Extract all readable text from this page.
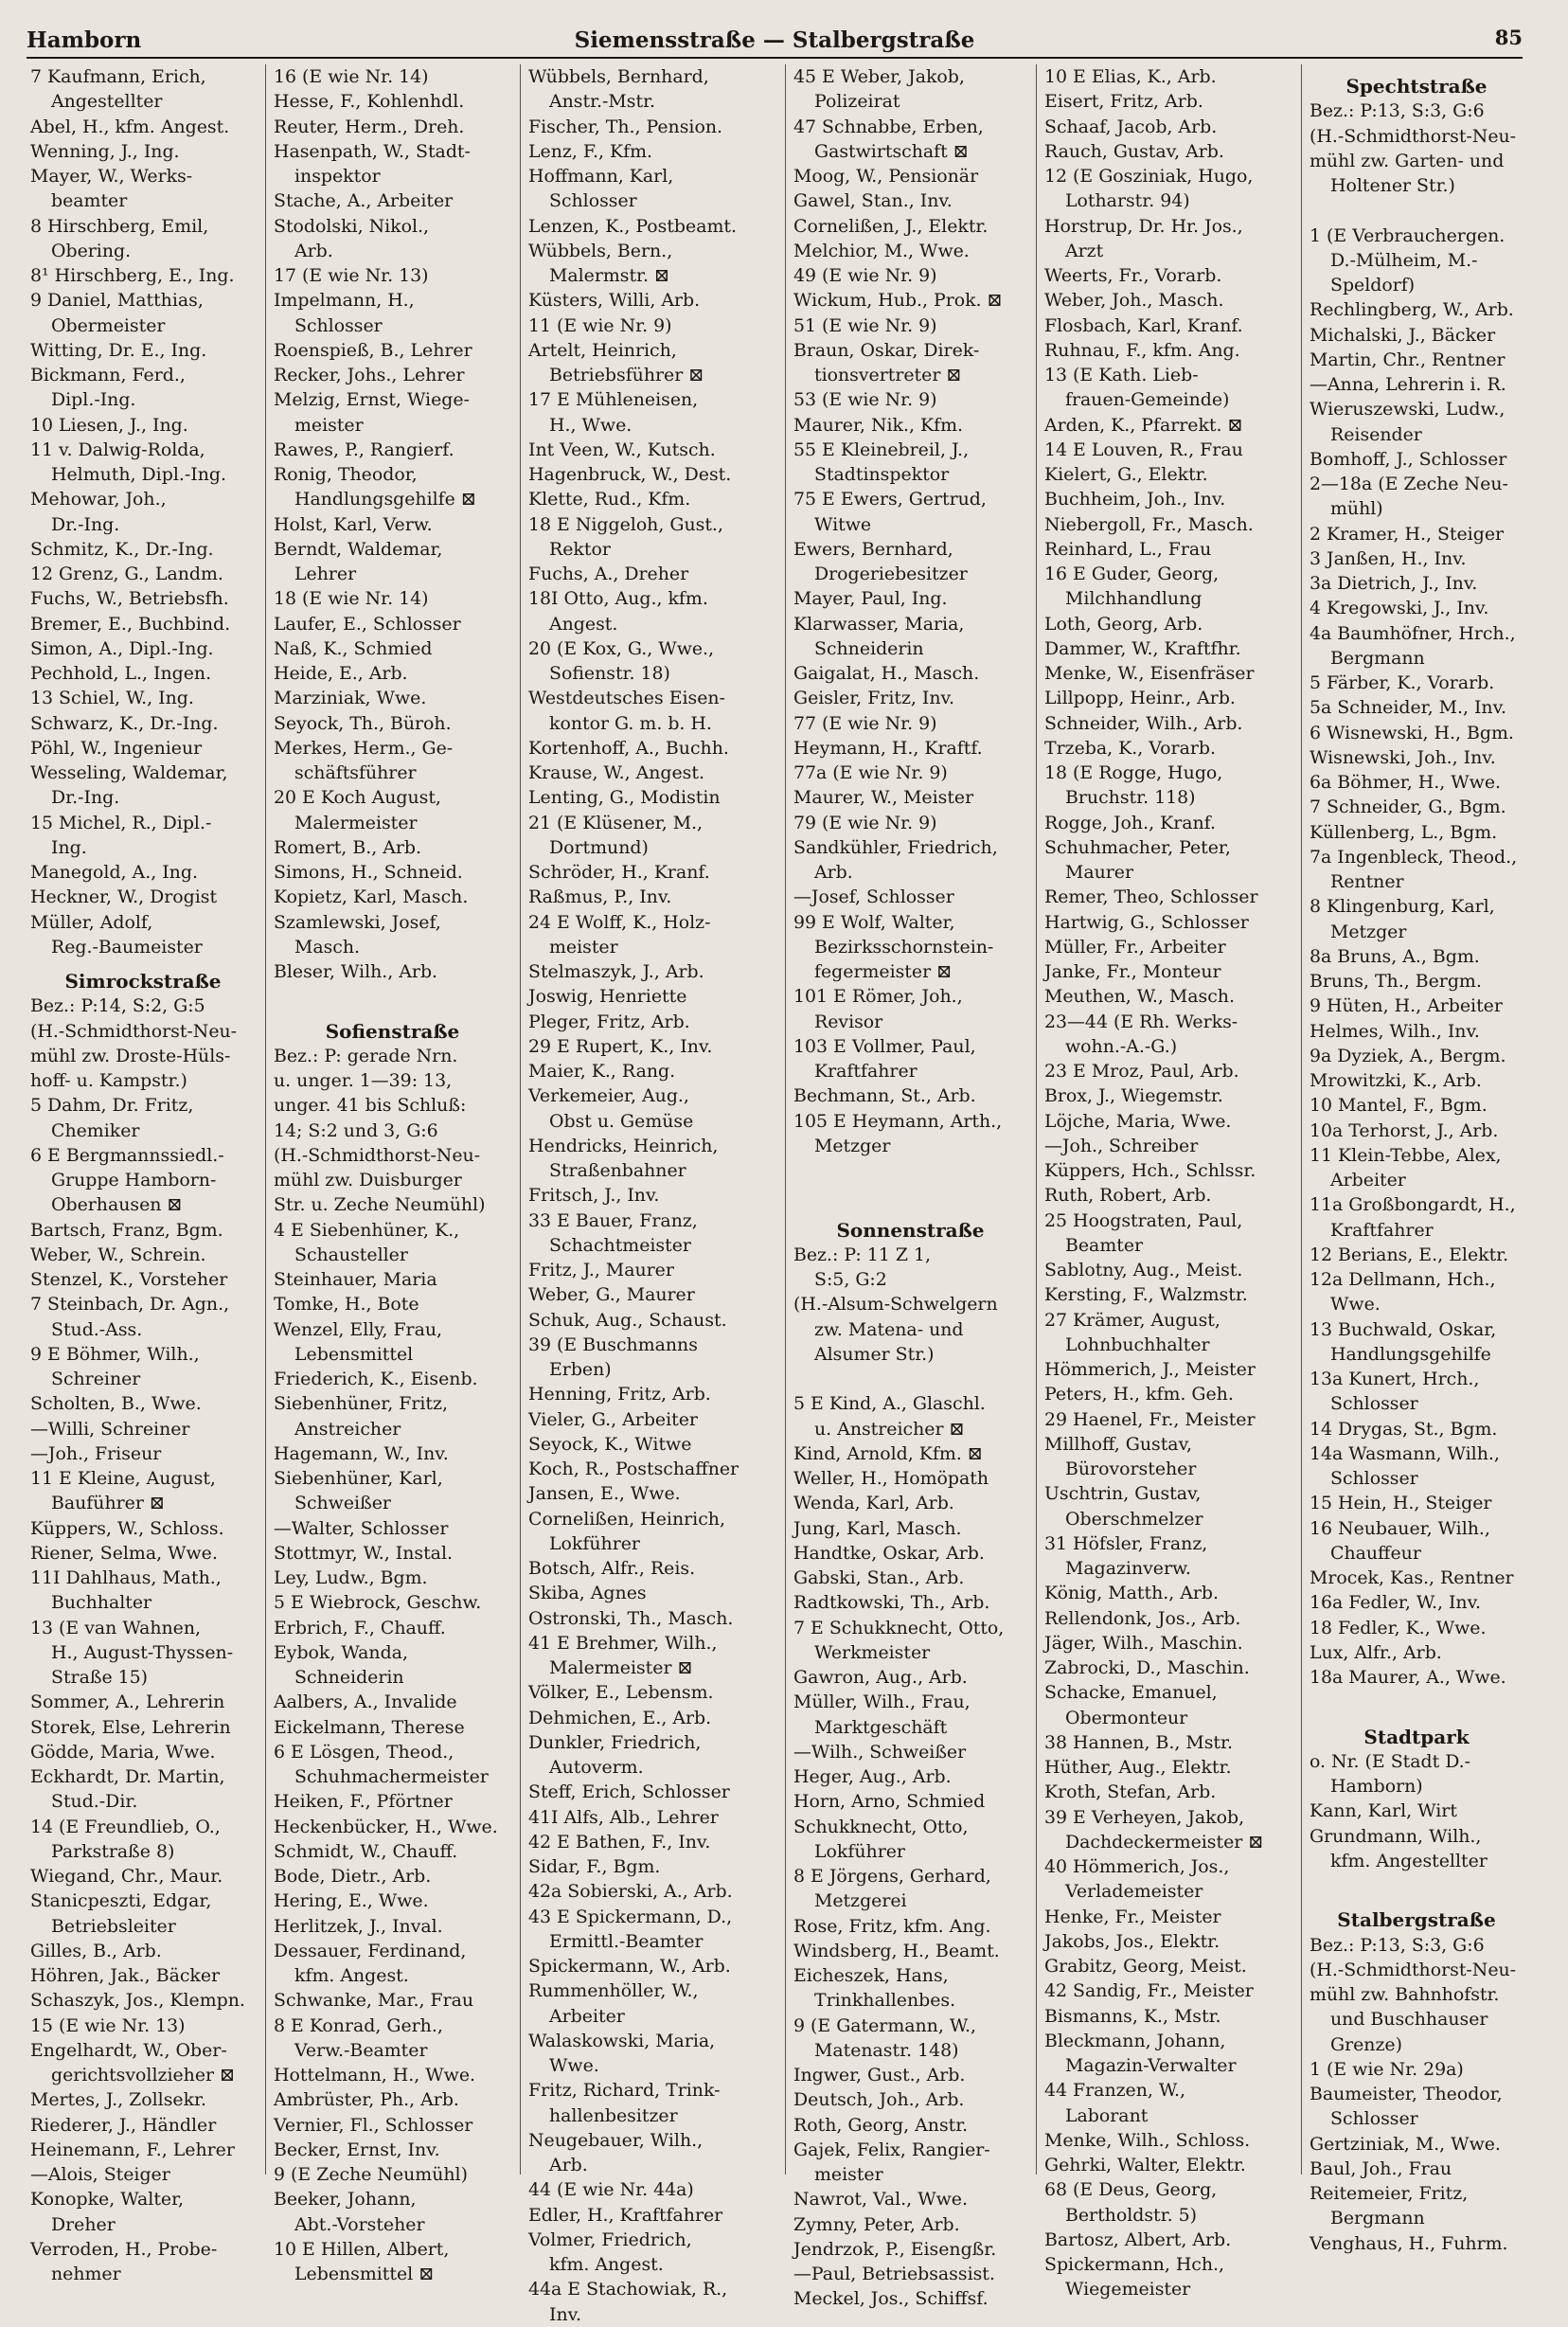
Hamborn	Siemensstraße — Stalbergstraße	85
7 Kaufmann, Erich,
Angestellter
Abel, H., kfm. Angest.
Wenning, J., Ing.
Mayer, W., Werks-
beamter
8 Hirschberg, Emil,
Obering.
8¹ Hirschberg, E., Ing.
9 Daniel, Matthias,
Obermeister
Witting, Dr. E., Ing.
Bickmann, Ferd.,
Dipl.-Ing.
10 Liesen, J., Ing.
11 v. Dalwig-Rolda,
Helmuth, Dipl.-Ing.
Mehowar, Joh.,
Dr.-Ing.
Schmitz, K., Dr.-Ing.
12 Grenz, G., Landm.
Fuchs, W., Betriebsfh.
Bremer, E., Buchbind.
Simon, A., Dipl.-Ing.
Pechhold, L., Ingen.
13 Schiel, W., Ing.
Schwarz, K., Dr.-Ing.
Pöhl, W., Ingenieur
Wesseling, Waldemar,
Dr.-Ing.
15 Michel, R., Dipl.-
Ing.
Manegold, A., Ing.
Heckner, W., Drogist
Müller, Adolf,
Reg.-Baumeister
Simrockstraße
Bez.: P:14, S:2, G:5
(H.-Schmidthorst-Neu-
mühl zw. Droste-Hüls-
hoff- u. Kampstr.)
5 Dahm, Dr. Fritz,
Chemiker
6 E Bergmannssiedl.-
Gruppe Hamborn-
Oberhausen ⊠
Bartsch, Franz, Bgm.
Weber, W., Schrein.
Stenzel, K., Vorsteher
7 Steinbach, Dr. Agn.,
Stud.-Ass.
9 E Böhmer, Wilh.,
Schreiner
Scholten, B., Wwe.
—Willi, Schreiner
—Joh., Friseur
11 E Kleine, August,
Bauführer ⊠
Küppers, W., Schloss.
Riener, Selma, Wwe.
11I Dahlhaus, Math.,
Buchhalter
13 (E van Wahnen,
H., August-Thyssen-
Straße 15)
Sommer, A., Lehrerin
Storek, Else, Lehrerin
Gödde, Maria, Wwe.
Eckhardt, Dr. Martin,
Stud.-Dir.
14 (E Freundlieb, O.,
Parkstraße 8)
Wiegand, Chr., Maur.
Stanicpeszti, Edgar,
Betriebsleiter
Gilles, B., Arb.
Höhren, Jak., Bäcker
Schaszyk, Jos., Klempn.
15 (E wie Nr. 13)
Engelhardt, W., Ober-
gerichtsvollzieher ⊠
Mertes, J., Zollsekr.
Riederer, J., Händler
Heinemann, F., Lehrer
—Alois, Steiger
Konopke, Walter,
Dreher
Verroden, H., Probe-
nehmer
16 (E wie Nr. 14)
Hesse, F., Kohlenhdl.
Reuter, Herm., Dreh.
Hasenpath, W., Stadt-
inspektor
Stache, A., Arbeiter
Stodolski, Nikol.,
Arb.
17 (E wie Nr. 13)
Impelmann, H.,
Schlosser
Roenspieß, B., Lehrer
Recker, Johs., Lehrer
Melzig, Ernst, Wiege-
meister
Rawes, P., Rangierf.
Ronig, Theodor,
Handlungsgehilfe ⊠
Holst, Karl, Verw.
Berndt, Waldemar,
Lehrer
18 (E wie Nr. 14)
Laufer, E., Schlosser
Naß, K., Schmied
Heide, E., Arb.
Marziniak, Wwe.
Seyock, Th., Büroh.
Merkes, Herm., Ge-
schäftsführer
20 E Koch August,
Malermeister
Romert, B., Arb.
Simons, H., Schneid.
Kopietz, Karl, Masch.
Szamlewski, Josef,
Masch.
Bleser, Wilh., Arb.
Sofienstraße
Bez.: P: gerade Nrn.
u. unger. 1—39: 13,
unger. 41 bis Schluß:
14; S:2 und 3, G:6
(H.-Schmidthorst-Neu-
mühl zw. Duisburger
Str. u. Zeche Neumühl)
4 E Siebenhüner, K.,
Schausteller
Steinhauer, Maria
Tomke, H., Bote
Wenzel, Elly, Frau,
Lebensmittel
Friederich, K., Eisenb.
Siebenhüner, Fritz,
Anstreicher
Hagemann, W., Inv.
Siebenhüner, Karl,
Schweißer
—Walter, Schlosser
Stottmyr, W., Instal.
Ley, Ludw., Bgm.
5 E Wiebrock, Geschw.
Erbrich, F., Chauff.
Eybok, Wanda,
Schneiderin
Aalbers, A., Invalide
Eickelmann, Therese
6 E Lösgen, Theod.,
Schuhmachermeister
Heiken, F., Pförtner
Heckenbücker, H., Wwe.
Schmidt, W., Chauff.
Bode, Dietr., Arb.
Hering, E., Wwe.
Herlitzek, J., Inval.
Dessauer, Ferdinand,
kfm. Angest.
Schwanke, Mar., Frau
8 E Konrad, Gerh.,
Verw.-Beamter
Hottelmann, H., Wwe.
Ambrüster, Ph., Arb.
Vernier, Fl., Schlosser
Becker, Ernst, Inv.
9 (E Zeche Neumühl)
Beeker, Johann,
Abt.-Vorsteher
10 E Hillen, Albert,
Lebensmittel ⊠
Wübbels, Bernhard,
Anstr.-Mstr.
Fischer, Th., Pension.
Lenz, F., Kfm.
Hoffmann, Karl,
Schlosser
Lenzen, K., Postbeamt.
Wübbels, Bern.,
Malermstr. ⊠
Küsters, Willi, Arb.
11 (E wie Nr. 9)
Artelt, Heinrich,
Betriebsführer ⊠
17 E Mühleneisen,
H., Wwe.
Int Veen, W., Kutsch.
Hagenbruck, W., Dest.
Klette, Rud., Kfm.
18 E Niggeloh, Gust.,
Rektor
Fuchs, A., Dreher
18I Otto, Aug., kfm.
Angest.
20 (E Kox, G., Wwe.,
Sofienstr. 18)
Westdeutsches Eisen-
kontor G. m. b. H.
Kortenhoff, A., Buchh.
Krause, W., Angest.
Lenting, G., Modistin
21 (E Klüsener, M.,
Dortmund)
Schröder, H., Kranf.
Raßmus, P., Inv.
24 E Wolff, K., Holz-
meister
Stelmaszyk, J., Arb.
Joswig, Henriette
Pleger, Fritz, Arb.
29 E Rupert, K., Inv.
Maier, K., Rang.
Verkemeier, Aug.,
Obst u. Gemüse
Hendricks, Heinrich,
Straßenbahner
Fritsch, J., Inv.
33 E Bauer, Franz,
Schachtmeister
Fritz, J., Maurer
Weber, G., Maurer
Schuk, Aug., Schaust.
39 (E Buschmanns
Erben)
Henning, Fritz, Arb.
Vieler, G., Arbeiter
Seyock, K., Witwe
Koch, R., Postschaffner
Jansen, E., Wwe.
Cornelißen, Heinrich,
Lokführer
Botsch, Alfr., Reis.
Skiba, Agnes
Ostronski, Th., Masch.
41 E Brehmer, Wilh.,
Malermeister ⊠
Völker, E., Lebensm.
Dehmichen, E., Arb.
Dunkler, Friedrich,
Autoverm.
Steff, Erich, Schlosser
41I Alfs, Alb., Lehrer
42 E Bathen, F., Inv.
Sidar, F., Bgm.
42a Sobierski, A., Arb.
43 E Spickermann, D.,
Ermittl.-Beamter
Spickermann, W., Arb.
Rummenhöller, W.,
Arbeiter
Walaskowski, Maria,
Wwe.
Fritz, Richard, Trink-
hallenbesitzer
Neugebauer, Wilh.,
Arb.
44 (E wie Nr. 44a)
Edler, H., Kraftfahrer
Volmer, Friedrich,
kfm. Angest.
44a E Stachowiak, R.,
Inv.
45 E Weber, Jakob,
Polizeirat
47 Schnabbe, Erben,
Gastwirtschaft ⊠
Moog, W., Pensionär
Gawel, Stan., Inv.
Cornelißen, J., Elektr.
Melchior, M., Wwe.
49 (E wie Nr. 9)
Wickum, Hub., Prok. ⊠
51 (E wie Nr. 9)
Braun, Oskar, Direk-
tionsvertreter ⊠
53 (E wie Nr. 9)
Maurer, Nik., Kfm.
55 E Kleinebreil, J.,
Stadtinspektor
75 E Ewers, Gertrud,
Witwe
Ewers, Bernhard,
Drogeriebesitzer
Mayer, Paul, Ing.
Klarwasser, Maria,
Schneiderin
Gaigalat, H., Masch.
Geisler, Fritz, Inv.
77 (E wie Nr. 9)
Heymann, H., Kraftf.
77a (E wie Nr. 9)
Maurer, W., Meister
79 (E wie Nr. 9)
Sandkühler, Friedrich,
Arb.
—Josef, Schlosser
99 E Wolf, Walter,
Bezirksschornstein-
fegermeister ⊠
101 E Römer, Joh.,
Revisor
103 E Vollmer, Paul,
Kraftfahrer
Bechmann, St., Arb.
105 E Heymann, Arth.,
Metzger
Sonnenstraße
Bez.: P: 11 Z 1,
S:5, G:2
(H.-Alsum-Schwelgern
zw. Matena- und
Alsumer Str.)
5 E Kind, A., Glaschl.
u. Anstreicher ⊠
Kind, Arnold, Kfm. ⊠
Weller, H., Homöpath
Wenda, Karl, Arb.
Jung, Karl, Masch.
Handtke, Oskar, Arb.
Gabski, Stan., Arb.
Radtkowski, Th., Arb.
7 E Schukknecht, Otto,
Werkmeister
Gawron, Aug., Arb.
Müller, Wilh., Frau,
Marktgeschäft
—Wilh., Schweißer
Heger, Aug., Arb.
Horn, Arno, Schmied
Schukknecht, Otto,
Lokführer
8 E Jörgens, Gerhard,
Metzgerei
Rose, Fritz, kfm. Ang.
Windsberg, H., Beamt.
Eicheszek, Hans,
Trinkhallenbes.
9 (E Gatermann, W.,
Matenastr. 148)
Ingwer, Gust., Arb.
Deutsch, Joh., Arb.
Roth, Georg, Anstr.
Gajek, Felix, Rangier-
meister
Nawrot, Val., Wwe.
Zymny, Peter, Arb.
Jendrzok, P., Eisengßr.
—Paul, Betriebsassist.
Meckel, Jos., Schiffsf.
10 E Elias, K., Arb.
Eisert, Fritz, Arb.
Schaaf, Jacob, Arb.
Rauch, Gustav, Arb.
12 (E Gosziniak, Hugo,
Lotharstr. 94)
Horstrup, Dr. Hr. Jos.,
Arzt
Weerts, Fr., Vorarb.
Weber, Joh., Masch.
Flosbach, Karl, Kranf.
Ruhnau, F., kfm. Ang.
13 (E Kath. Lieb-
frauen-Gemeinde)
Arden, K., Pfarrekt. ⊠
14 E Louven, R., Frau
Kielert, G., Elektr.
Buchheim, Joh., Inv.
Niebergoll, Fr., Masch.
Reinhard, L., Frau
16 E Guder, Georg,
Milchhandlung
Loth, Georg, Arb.
Dammer, W., Kraftfhr.
Menke, W., Eisenfräser
Lillpopp, Heinr., Arb.
Schneider, Wilh., Arb.
Trzeba, K., Vorarb.
18 (E Rogge, Hugo,
Bruchstr. 118)
Rogge, Joh., Kranf.
Schuhmacher, Peter,
Maurer
Remer, Theo, Schlosser
Hartwig, G., Schlosser
Müller, Fr., Arbeiter
Janke, Fr., Monteur
Meuthen, W., Masch.
23—44 (E Rh. Werks-
wohn.-A.-G.)
23 E Mroz, Paul, Arb.
Brox, J., Wiegemstr.
Löjche, Maria, Wwe.
—Joh., Schreiber
Küppers, Hch., Schlssr.
Ruth, Robert, Arb.
25 Hoogstraten, Paul,
Beamter
Sablotny, Aug., Meist.
Kersting, F., Walzmstr.
27 Krämer, August,
Lohnbuchhalter
Hömmerich, J., Meister
Peters, H., kfm. Geh.
29 Haenel, Fr., Meister
Millhoff, Gustav,
Bürovorsteher
Uschtrin, Gustav,
Oberschmelzer
31 Höfsler, Franz,
Magazinverw.
König, Matth., Arb.
Rellendonk, Jos., Arb.
Jäger, Wilh., Maschin.
Zabrocki, D., Maschin.
Schacke, Emanuel,
Obermonteur
38 Hannen, B., Mstr.
Hüther, Aug., Elektr.
Kroth, Stefan, Arb.
39 E Verheyen, Jakob,
Dachdeckermeister ⊠
40 Hömmerich, Jos.,
Verlademeister
Henke, Fr., Meister
Jakobs, Jos., Elektr.
Grabitz, Georg, Meist.
42 Sandig, Fr., Meister
Bismanns, K., Mstr.
Bleckmann, Johann,
Magazin-Verwalter
44 Franzen, W.,
Laborant
Menke, Wilh., Schloss.
Gehrki, Walter, Elektr.
68 (E Deus, Georg,
Bertholdstr. 5)
Bartosz, Albert, Arb.
Spickermann, Hch.,
Wiegemeister
Spechtstraße
Bez.: P:13, S:3, G:6
(H.-Schmidthorst-Neu-
mühl zw. Garten- und
Holtener Str.)
1 (E Verbrauchergen.
D.-Mülheim, M.-
Speldorf)
Rechlingberg, W., Arb.
Michalski, J., Bäcker
Martin, Chr., Rentner
—Anna, Lehrerin i. R.
Wieruszewski, Ludw.,
Reisender
Bomhoff, J., Schlosser
2—18a (E Zeche Neu-
mühl)
2 Kramer, H., Steiger
3 Janßen, H., Inv.
3a Dietrich, J., Inv.
4 Kregowski, J., Inv.
4a Baumhöfner, Hrch.,
Bergmann
5 Färber, K., Vorarb.
5a Schneider, M., Inv.
6 Wisnewski, H., Bgm.
Wisnewski, Joh., Inv.
6a Böhmer, H., Wwe.
7 Schneider, G., Bgm.
Küllenberg, L., Bgm.
7a Ingenbleck, Theod.,
Rentner
8 Klingenburg, Karl,
Metzger
8a Bruns, A., Bgm.
Bruns, Th., Bergm.
9 Hüten, H., Arbeiter
Helmes, Wilh., Inv.
9a Dyziek, A., Bergm.
Mrowitzki, K., Arb.
10 Mantel, F., Bgm.
10a Terhorst, J., Arb.
11 Klein-Tebbe, Alex,
Arbeiter
11a Großbongardt, H.,
Kraftfahrer
12 Berians, E., Elektr.
12a Dellmann, Hch.,
Wwe.
13 Buchwald, Oskar,
Handlungsgehilfe
13a Kunert, Hrch.,
Schlosser
14 Drygas, St., Bgm.
14a Wasmann, Wilh.,
Schlosser
15 Hein, H., Steiger
16 Neubauer, Wilh.,
Chauffeur
Mrocek, Kas., Rentner
16a Fedler, W., Inv.
18 Fedler, K., Wwe.
Lux, Alfr., Arb.
18a Maurer, A., Wwe.
Stadtpark
o. Nr. (E Stadt D.-
Hamborn)
Kann, Karl, Wirt
Grundmann, Wilh.,
kfm. Angestellter
Stalbergstraße
Bez.: P:13, S:3, G:6
(H.-Schmidthorst-Neu-
mühl zw. Bahnhofstr.
und Buschhauser
Grenze)
1 (E wie Nr. 29a)
Baumeister, Theodor,
Schlosser
Gertziniak, M., Wwe.
Baul, Joh., Frau
Reitemeier, Fritz,
Bergmann
Venghaus, H., Fuhrm.
